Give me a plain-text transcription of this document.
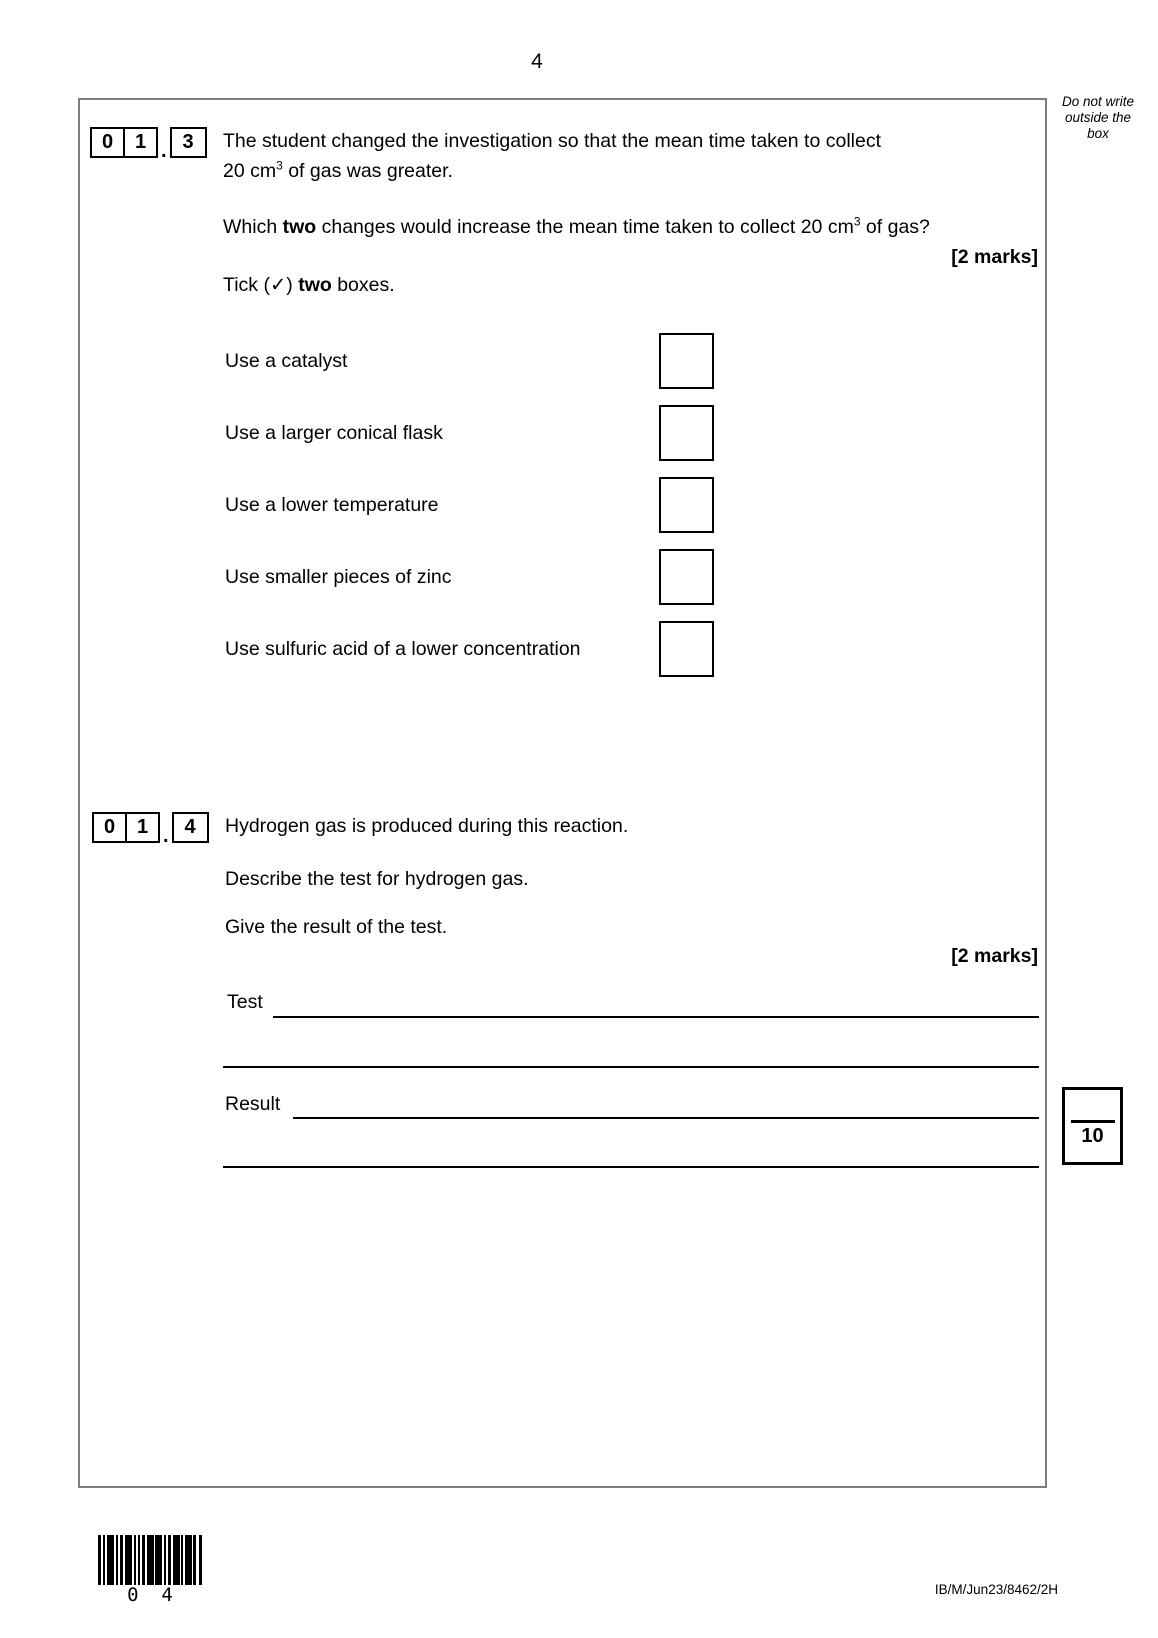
4
Do not write
outside the
box
0	1 . 3	The student changed the investigation so that the mean time taken to collect
20 $cm^3$ of gas was greater.
Which two changes would increase the mean time taken to collect 20 $cm^3$ of gas?
[2 marks]
Tick (✓) two boxes.
Use a catalyst
Use a larger conical flask
Use a lower temperature
Use smaller pieces of zinc
Use sulfuric acid of a lower concentration
0	1 . 4	Hydrogen gas is produced during this reaction.
Describe the test for hydrogen gas.
Give the result of the test.
[2 marks]
Test
Result
10
0  4	IB/M/Jun23/8462/2H
